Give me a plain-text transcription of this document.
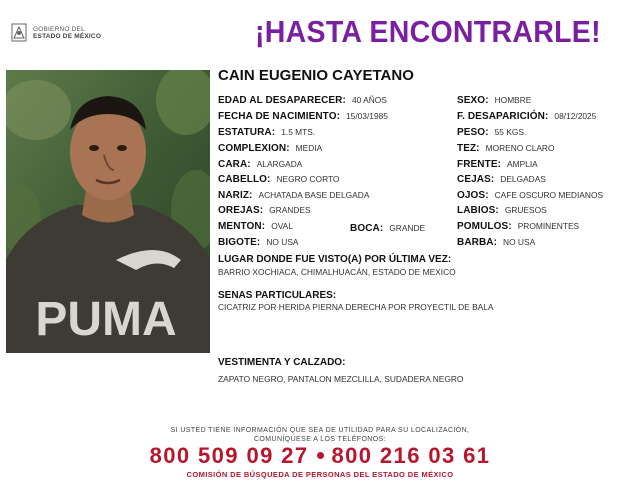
GOBIERNO DEL
ESTADO DE MÉXICO	¡HASTA ENCONTRARLE!
PUMA
CAIN EUGENIO CAYETANO
EDAD AL DESAPARECER: 40 AÑOS
FECHA DE NACIMIENTO: 15/03/1985
ESTATURA: 1.5 MTS.
COMPLEXION: MEDIA
CARA: ALARGADA
CABELLO: NEGRO CORTO
NARIZ: ACHATADA BASE DELGADA
OREJAS: GRANDES
MENTON: OVAL	BOCA: GRANDE
BIGOTE: NO USA
SEXO: HOMBRE
F. DESAPARICIÓN: 08/12/2025
PESO: 55 KGS.
TEZ: MORENO CLARO
FRENTE: AMPLIA
CEJAS: DELGADAS
OJOS: CAFE OSCURO MEDIANOS
LABIOS: GRUESOS
POMULOS: PROMINENTES
BARBA: NO USA
LUGAR DONDE FUE VISTO(A) POR ÚLTIMA VEZ:
BARRIO XOCHIACA, CHIMALHUACÁN, ESTADO DE MEXICO
SENAS PARTICULARES:
CICATRIZ POR HERIDA PIERNA DERECHA POR PROYECTIL DE BALA
VESTIMENTA Y CALZADO:
ZAPATO NEGRO, PANTALON MEZCLILLA, SUDADERA NEGRO
SI USTED TIENE INFORMACIÓN QUE SEA DE UTILIDAD PARA SU LOCALIZACIÓN,
COMUNÍQUESE A LOS TELÉFONOS:
800 509 09 27 800 216 03 61
COMISIÓN DE BÚSQUEDA DE PERSONAS DEL ESTADO DE MÉXICO
